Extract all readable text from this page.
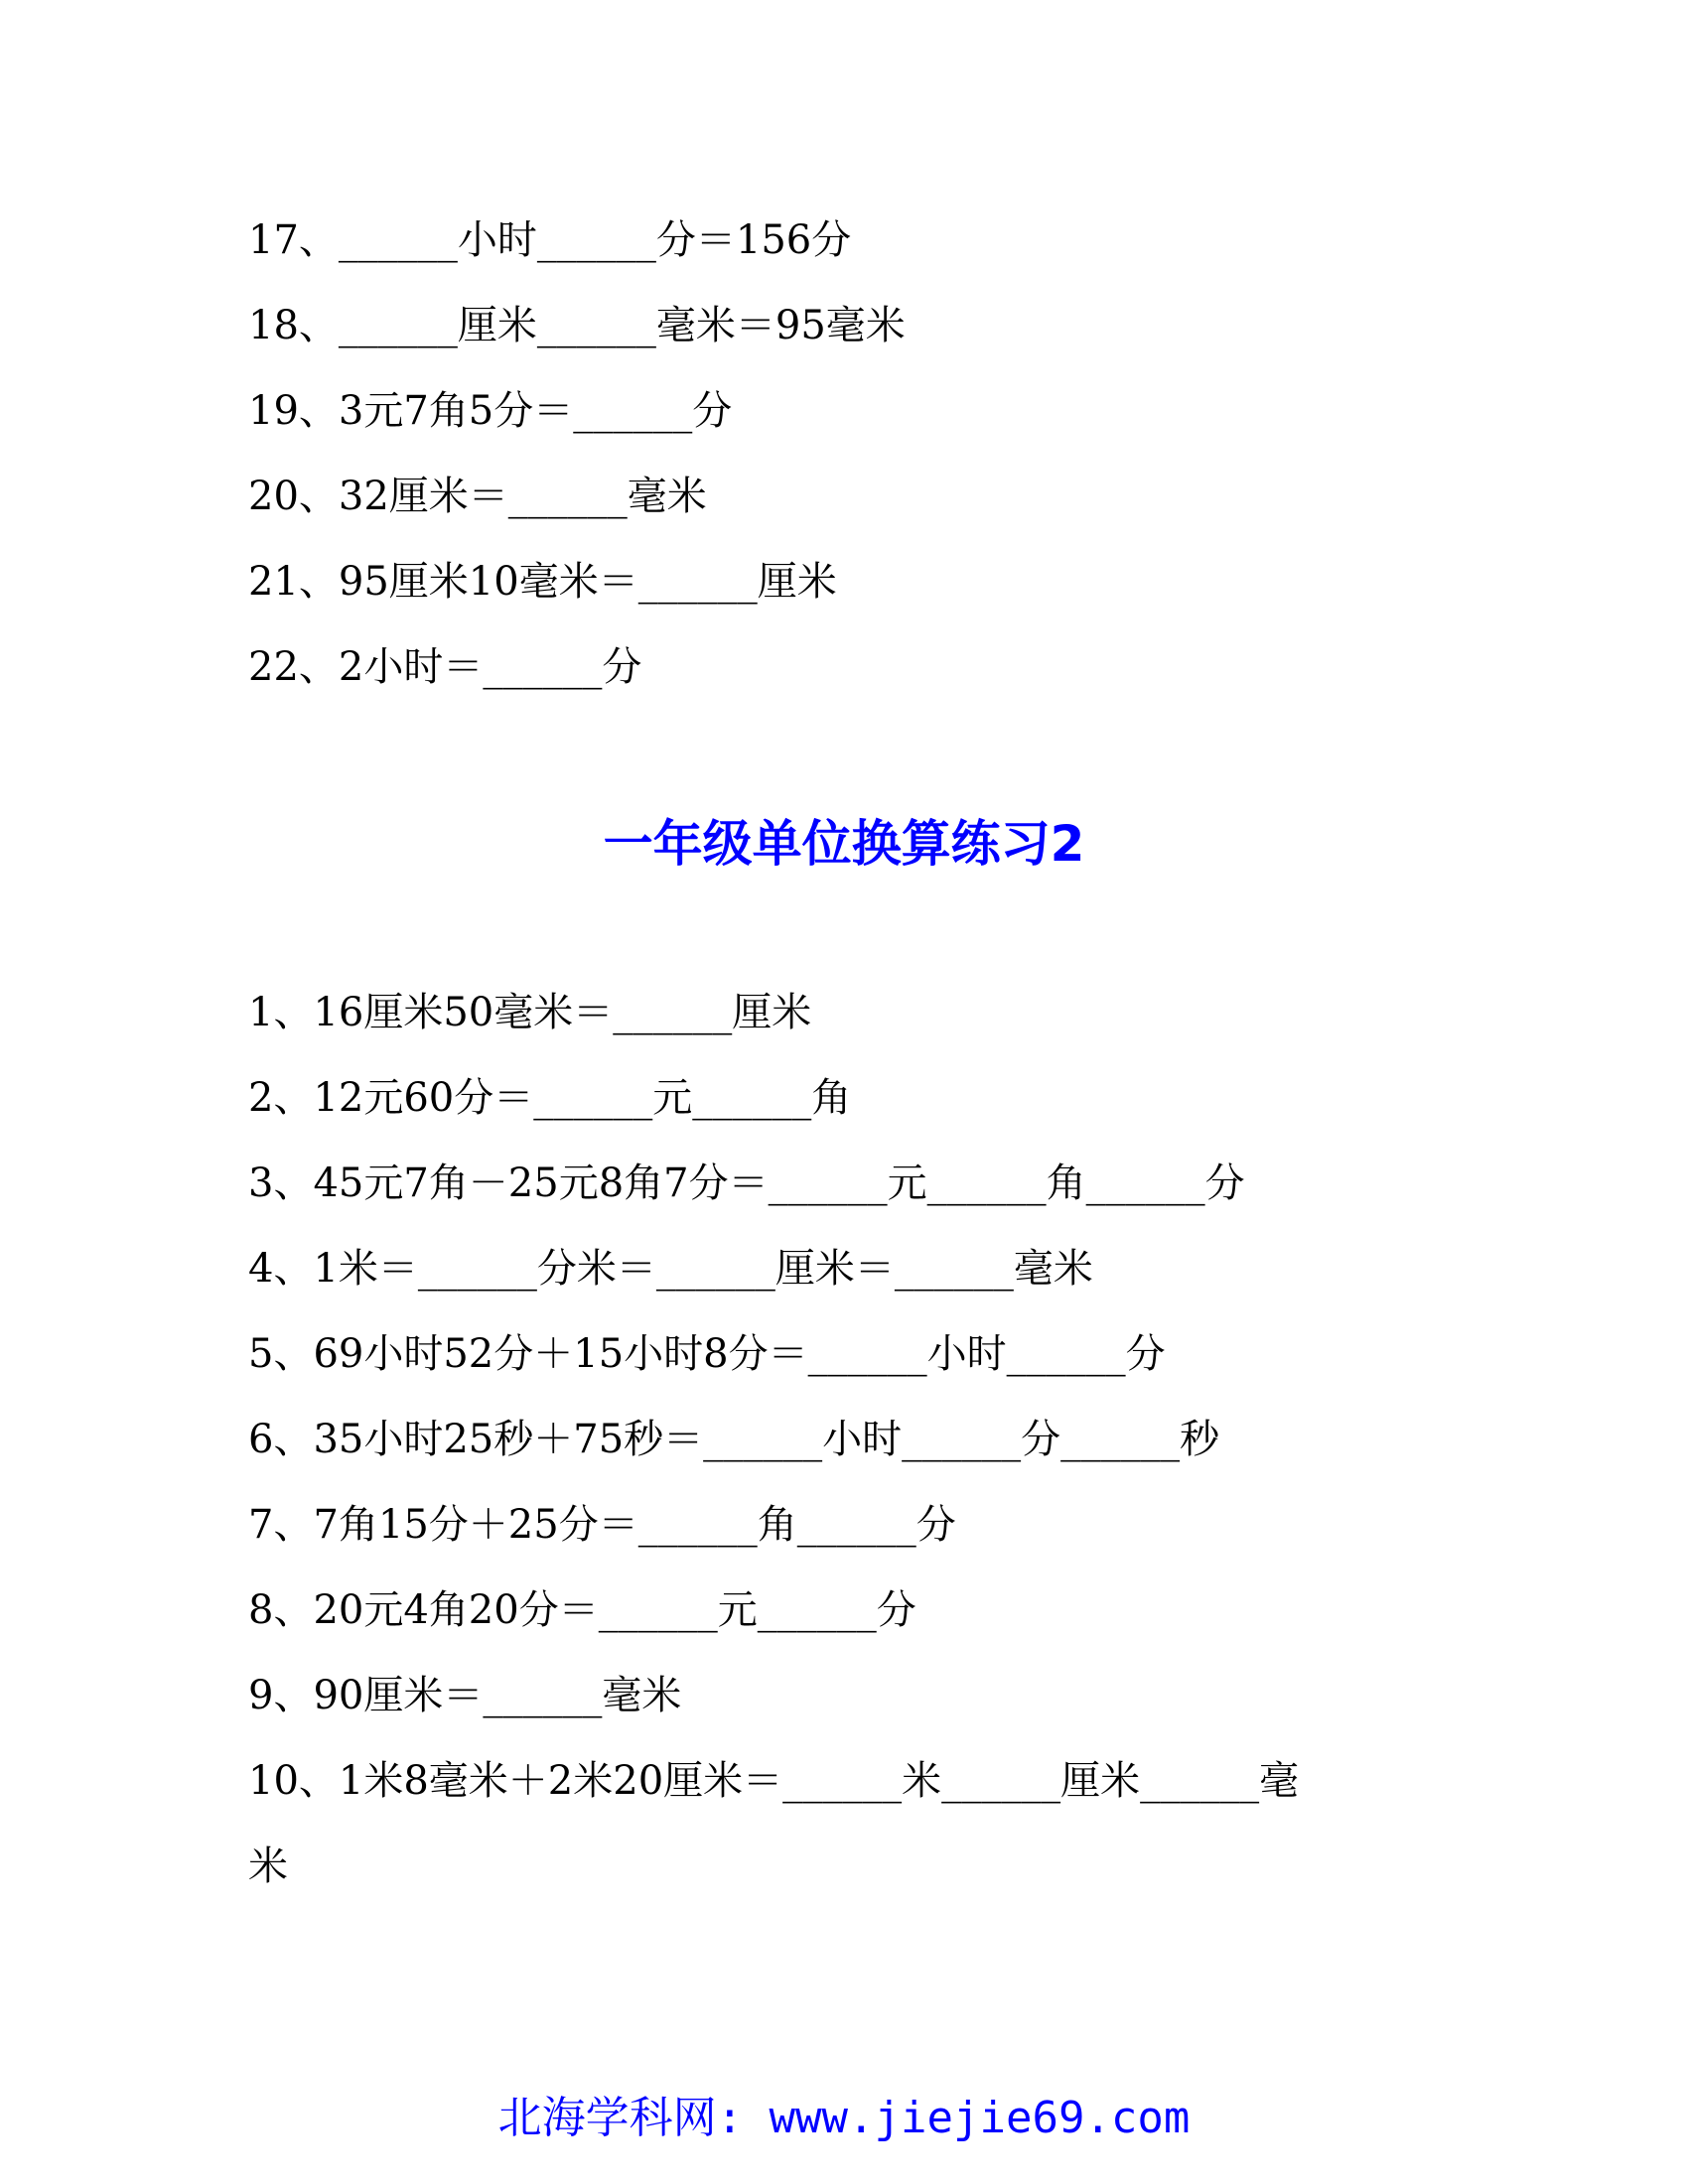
17、______小时______分＝156分
18、______厘米______毫米＝95毫米
19、3元7角5分＝______分
20、32厘米＝______毫米
21、95厘米10毫米＝______厘米
22、2小时＝______分
一年级单位换算练习2
1、16厘米50毫米＝______厘米
2、12元60分＝______元______角
3、45元7角－25元8角7分＝______元______角______分
4、1米＝______分米＝______厘米＝______毫米
5、69小时52分＋15小时8分＝______小时______分
6、35小时25秒＋75秒＝______小时______分______秒
7、7角15分＋25分＝______角______分
8、20元4角20分＝______元______分
9、90厘米＝______毫米
10、1米8毫米＋2米20厘米＝______米______厘米______毫
米
北海学科网: www.jiejie69.com
